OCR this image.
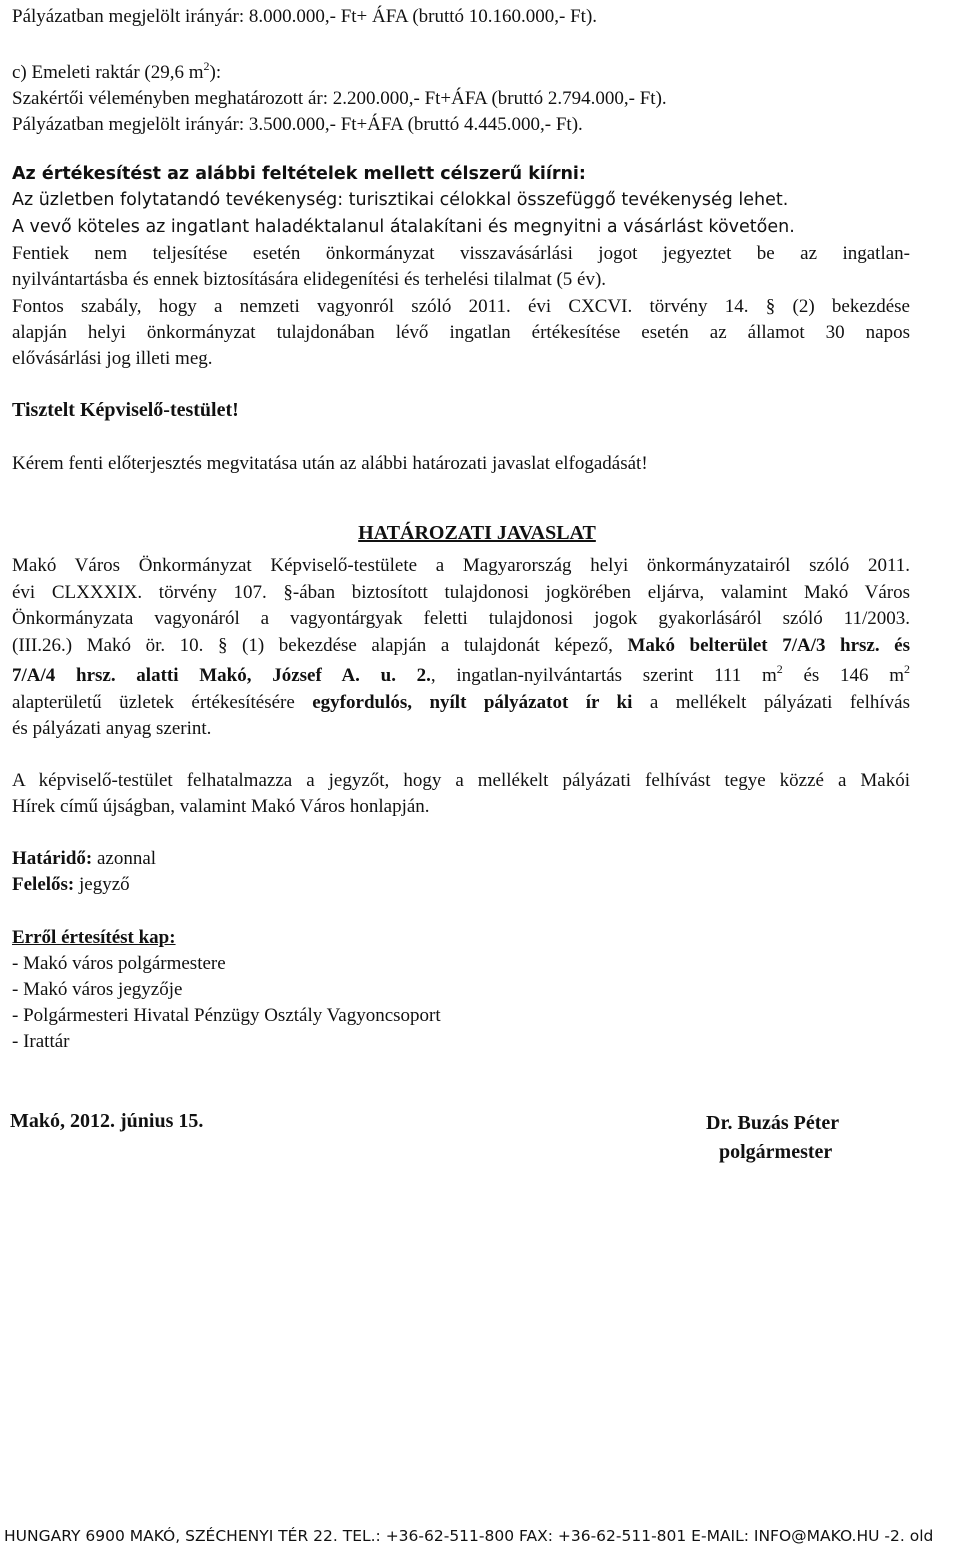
Pályázatban megjelölt irányár: 8.000.000,- Ft+ ÁFA (bruttó 10.160.000,- Ft).

c) Emeleti raktár (29,6 $m^2$):

Szakértői véleményben meghatározott ár: 2.200.000,- Ft+ÁFA (bruttó 2.794.000,- Ft).

Pályázatban megjelölt irányár: 3.500.000,- Ft+ÁFA (bruttó 4.445.000,- Ft).

Az értékesítést az alábbi feltételek mellett célszerű kiírni:

Az üzletben folytatandó tevékenység: turisztikai célokkal összefüggő tevékenység lehet.

A vevő köteles az ingatlant haladéktalanul átalakítani és megnyitni a vásárlást követően.

Fentiek nem teljesítése esetén önkormányzat visszavásárlási jogot jegyeztet be az ingatlan-

nyilvántartásba és ennek biztosítására elidegenítési és terhelési tilalmat (5 év).

Fontos szabály, hogy a nemzeti vagyonról szóló 2011. évi CXCVI. törvény 14. § (2) bekezdése

alapján helyi önkormányzat tulajdonában lévő ingatlan értékesítése esetén az államot 30 napos

elővásárlási jog illeti meg.

Tisztelt Képviselő-testület!

Kérem fenti előterjesztés megvitatása után az alábbi határozati javaslat elfogadását!

HATÁROZATI JAVASLAT

Makó Város Önkormányzat Képviselő-testülete a Magyarország helyi önkormányzatairól szóló 2011.

évi CLXXXIX. törvény 107. §-ában biztosított tulajdonosi jogkörében eljárva, valamint Makó Város

Önkormányzata vagyonáról a vagyontárgyak feletti tulajdonosi jogok gyakorlásáról szóló 11/2003.

(III.26.) Makó ör. 10. § (1) bekezdése alapján a tulajdonát képező, Makó belterület 7/A/3 hrsz. és

7/A/4 hrsz. alatti Makó, József A. u. 2., ingatlan-nyilvántartás szerint 111 $m^2$ és 146 $m^2$

alapterületű üzletek értékesítésére egyfordulós, nyílt pályázatot ír ki a mellékelt pályázati felhívás

és pályázati anyag szerint.

A képviselő-testület felhatalmazza a jegyzőt, hogy a mellékelt pályázati felhívást tegye közzé a Makói

Hírek című újságban, valamint Makó Város honlapján.

Határidő: azonnal

Felelős: jegyző

Erről értesítést kap:

- Makó város polgármestere

- Makó város jegyzője

- Polgármesteri Hivatal Pénzügy Osztály Vagyoncsoport

- Irattár

Makó, 2012. június 15.	Dr. Buzás Péter

polgármester

HUNGARY 6900 MAKÓ, SZÉCHENYI TÉR 22. TEL.: +36-62-511-800 FAX: +36-62-511-801 E-MAIL: INFO@MAKO.HU -2. old
